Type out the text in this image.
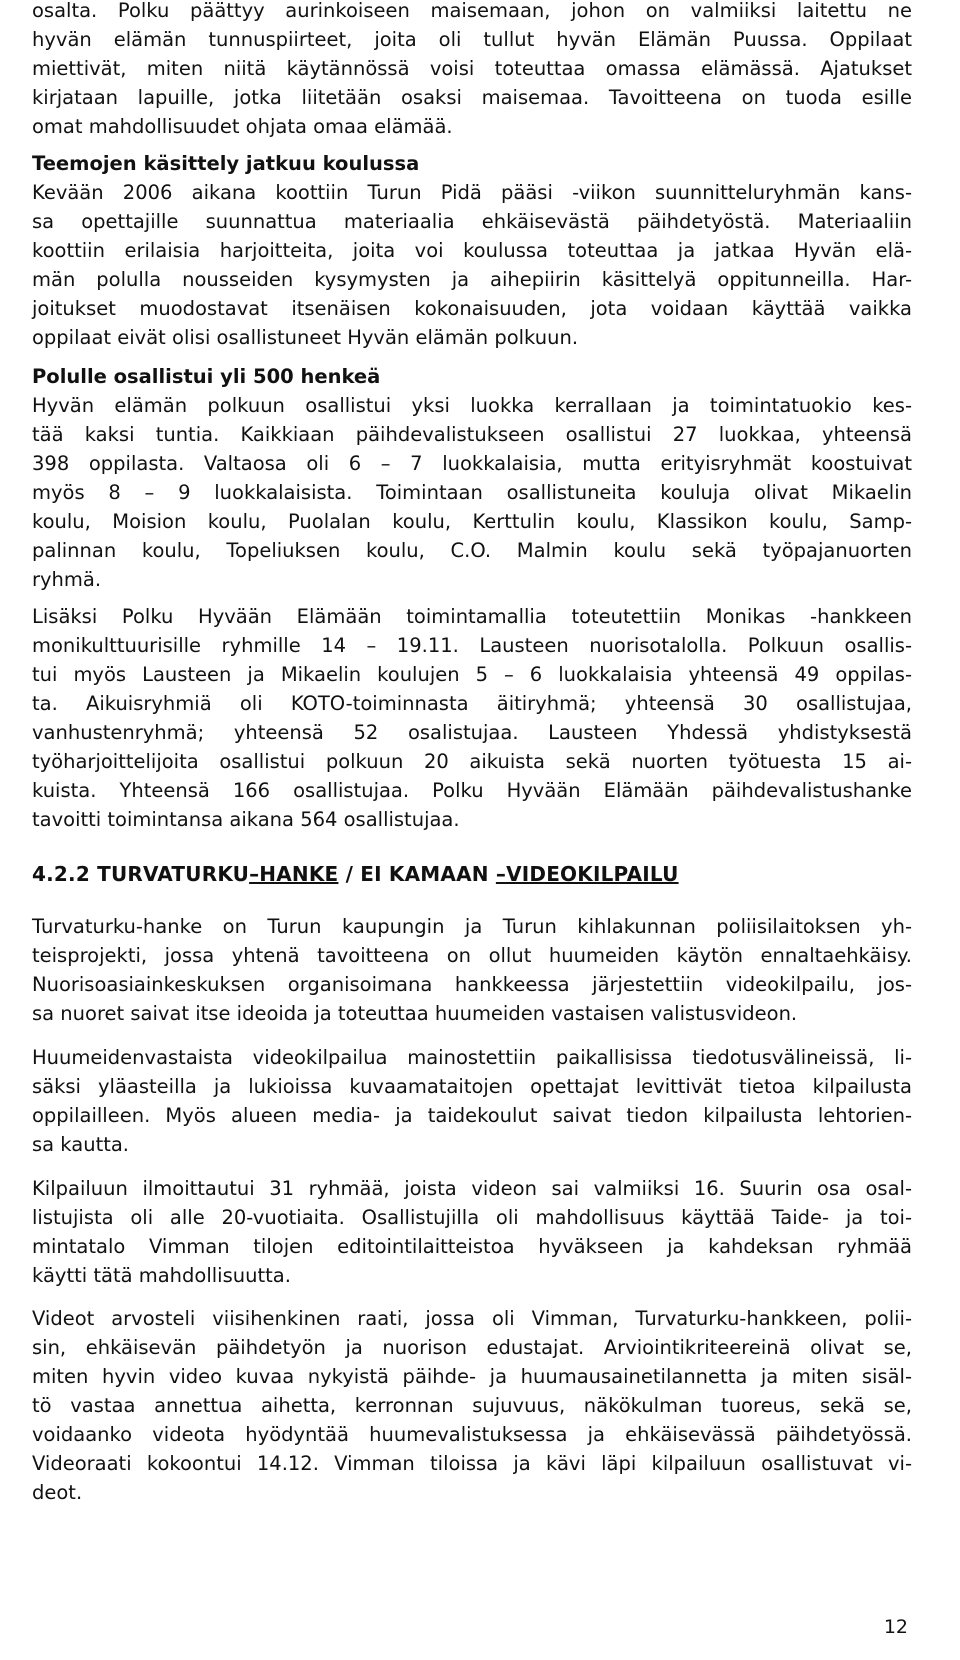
osalta. Polku päättyy aurinkoiseen maisemaan, johon on valmiiksi laitettu ne
hyvän elämän tunnuspiirteet, joita oli tullut hyvän Elämän Puussa. Oppilaat
miettivät, miten niitä käytännössä voisi toteuttaa omassa elämässä. Ajatukset
kirjataan lapuille, jotka liitetään osaksi maisemaa. Tavoitteena on tuoda esille
omat mahdollisuudet ohjata omaa elämää.
Teemojen käsittely jatkuu koulussa
Kevään 2006 aikana koottiin Turun Pidä pääsi -viikon suunnitteluryhmän kans-
sa opettajille suunnattua materiaalia ehkäisevästä päihdetyöstä. Materiaaliin
koottiin erilaisia harjoitteita, joita voi koulussa toteuttaa ja jatkaa Hyvän elä-
män polulla nousseiden kysymysten ja aihepiirin käsittelyä oppitunneilla. Har-
joitukset muodostavat itsenäisen kokonaisuuden, jota voidaan käyttää vaikka
oppilaat eivät olisi osallistuneet Hyvän elämän polkuun.
Polulle osallistui yli 500 henkeä
Hyvän elämän polkuun osallistui yksi luokka kerrallaan ja toimintatuokio kes-
tää kaksi tuntia. Kaikkiaan päihdevalistukseen osallistui 27 luokkaa, yhteensä
398 oppilasta. Valtaosa oli 6 – 7 luokkalaisia, mutta erityisryhmät koostuivat
myös 8 – 9 luokkalaisista. Toimintaan osallistuneita kouluja olivat Mikaelin
koulu, Moision koulu, Puolalan koulu, Kerttulin koulu, Klassikon koulu, Samp-
palinnan koulu, Topeliuksen koulu, C.O. Malmin koulu sekä työpajanuorten
ryhmä.
Lisäksi Polku Hyvään Elämään toimintamallia toteutettiin Monikas -hankkeen
monikulttuurisille ryhmille 14 – 19.11. Lausteen nuorisotalolla. Polkuun osallis-
tui myös Lausteen ja Mikaelin koulujen 5 – 6 luokkalaisia yhteensä 49 oppilas-
ta. Aikuisryhmiä oli KOTO-toiminnasta äitiryhmä; yhteensä 30 osallistujaa,
vanhustenryhmä; yhteensä 52 osalistujaa. Lausteen Yhdessä yhdistyksestä
työharjoittelijoita osallistui polkuun 20 aikuista sekä nuorten työtuesta 15 ai-
kuista. Yhteensä 166 osallistujaa. Polku Hyvään Elämään päihdevalistushanke
tavoitti toimintansa aikana 564 osallistujaa.
4.2.2 TURVATURKU–HANKE / EI KAMAAN –VIDEOKILPAILU
Turvaturku-hanke on Turun kaupungin ja Turun kihlakunnan poliisilaitoksen yh-
teisprojekti, jossa yhtenä tavoitteena on ollut huumeiden käytön ennaltaehkäisy.
Nuorisoasiainkeskuksen organisoimana hankkeessa järjestettiin videokilpailu, jos-
sa nuoret saivat itse ideoida ja toteuttaa huumeiden vastaisen valistusvideon.
Huumeidenvastaista videokilpailua mainostettiin paikallisissa tiedotusvälineissä, li-
säksi yläasteilla ja lukioissa kuvaamataitojen opettajat levittivät tietoa kilpailusta
oppilailleen. Myös alueen media- ja taidekoulut saivat tiedon kilpailusta lehtorien-
sa kautta.
Kilpailuun ilmoittautui 31 ryhmää, joista videon sai valmiiksi 16. Suurin osa osal-
listujista oli alle 20-vuotiaita. Osallistujilla oli mahdollisuus käyttää Taide- ja toi-
mintatalo Vimman tilojen editointilaitteistoa hyväkseen ja kahdeksan ryhmää
käytti tätä mahdollisuutta.
Videot arvosteli viisihenkinen raati, jossa oli Vimman, Turvaturku-hankkeen, polii-
sin, ehkäisevän päihdetyön ja nuorison edustajat. Arviointikriteereinä olivat se,
miten hyvin video kuvaa nykyistä päihde- ja huumausainetilannetta ja miten sisäl-
tö vastaa annettua aihetta, kerronnan sujuvuus, näkökulman tuoreus, sekä se,
voidaanko videota hyödyntää huumevalistuksessa ja ehkäisevässä päihdetyössä.
Videoraati kokoontui 14.12. Vimman tiloissa ja kävi läpi kilpailuun osallistuvat vi-
deot.
12
